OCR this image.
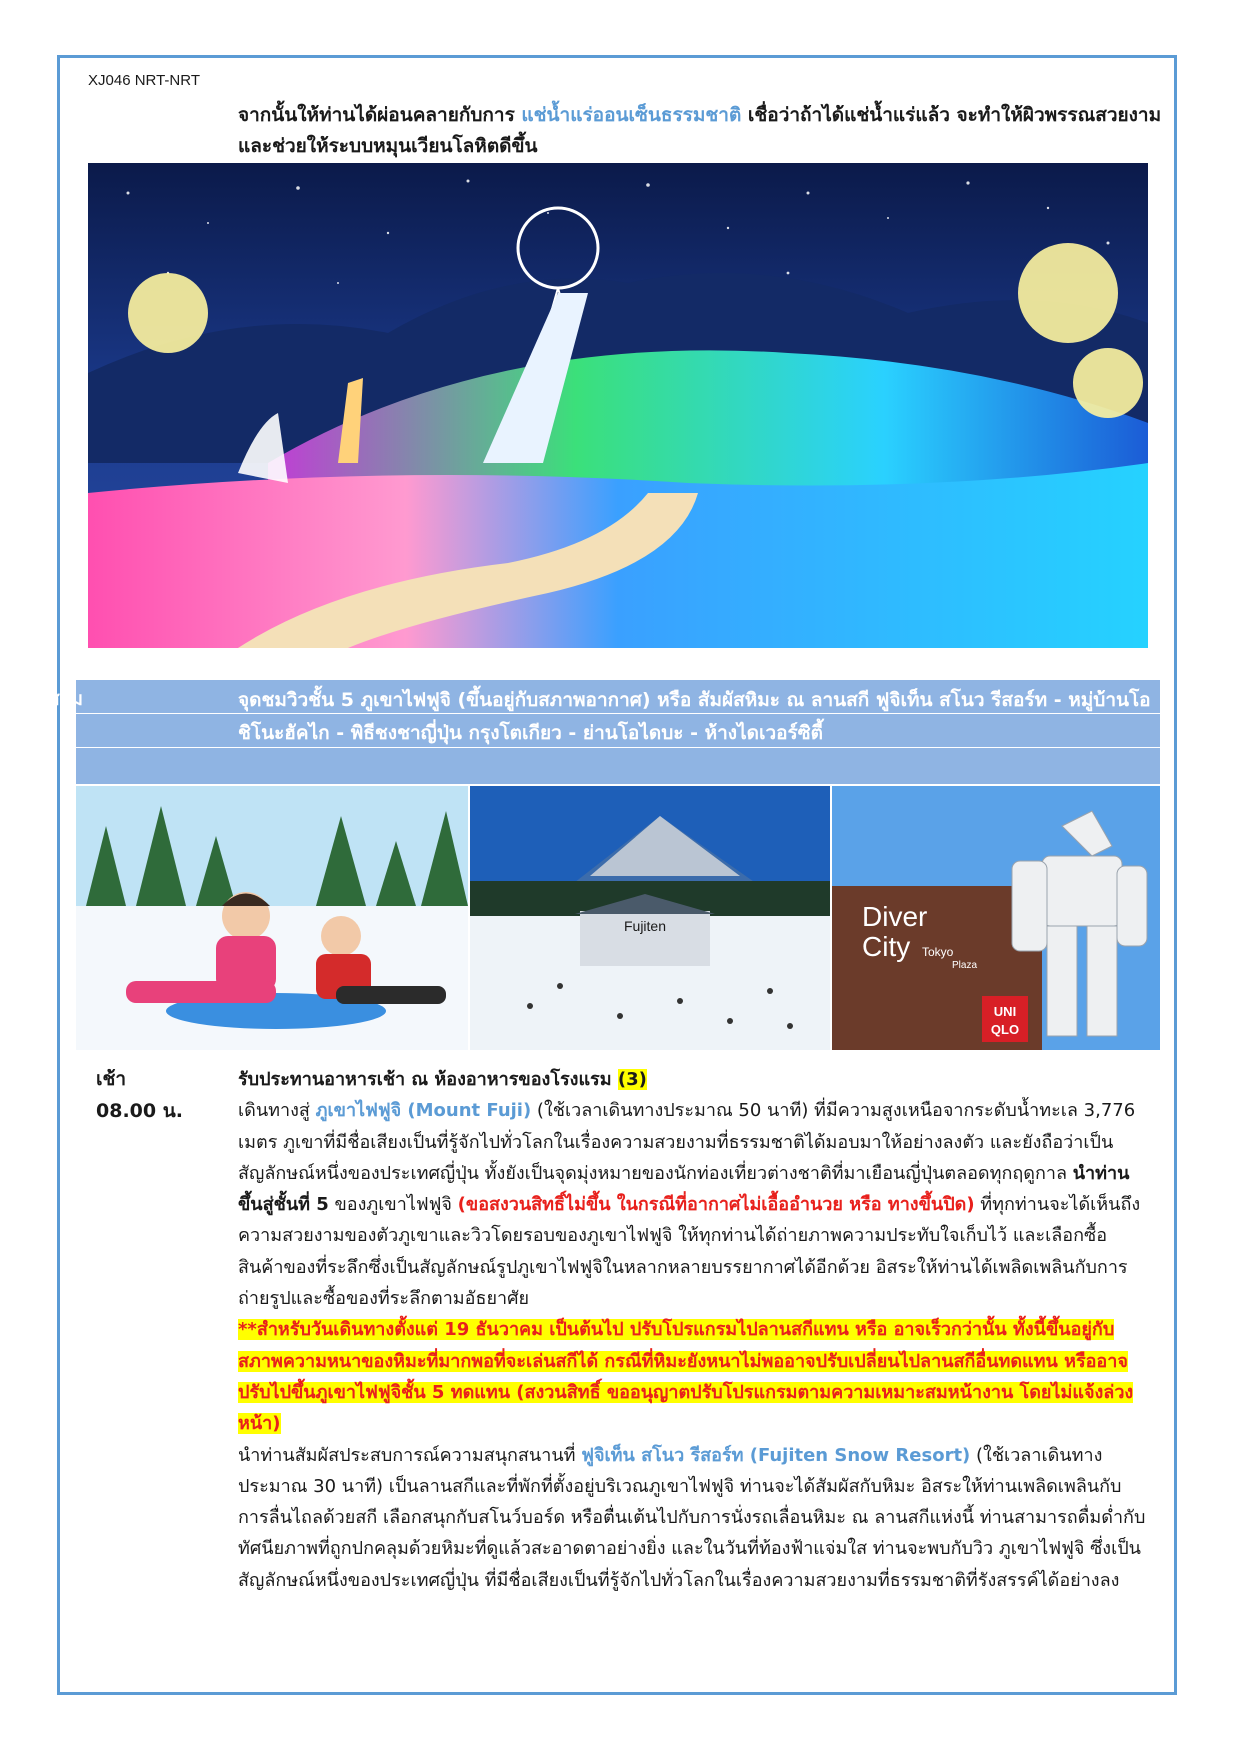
XJ046 NRT-NRT
จากนั้นให้ท่านได้ผ่อนคลายกับการ แช่น้ำแร่ออนเซ็นธรรมชาติ เชื่อว่าถ้าได้แช่น้ำแร่แล้ว จะทำให้ผิวพรรณสวยงามและช่วยให้ระบบหมุนเวียนโลหิตดีขึ้น
วันที่สาม	จุดชมวิวชั้น 5 ภูเขาไฟฟูจิ (ขึ้นอยู่กับสภาพอากาศ) หรือ สัมผัสหิมะ ณ ลานสกี ฟูจิเท็น สโนว รีสอร์ท - หมู่บ้านโอชิโนะฮัคไก - พิธีชงชาญี่ปุ่น กรุงโตเกียว - ย่านโอไดบะ - ห้างไดเวอร์ซิตี้
Fujiten	Diver
City Tokyo
Plaza
UNI
QLO
เช้า
08.00 น.

รับประทานอาหารเช้า ณ ห้องอาหารของโรงแรม (3)

เดินทางสู่ ภูเขาไฟฟูจิ (Mount Fuji) (ใช้เวลาเดินทางประมาณ 50 นาที) ที่มีความสูงเหนือจากระดับน้ำทะเล 3,776 เมตร ภูเขาที่มีชื่อเสียงเป็นที่รู้จักไปทั่วโลกในเรื่องความสวยงามที่ธรรมชาติได้มอบมาให้อย่างลงตัว และยังถือว่าเป็นสัญลักษณ์หนึ่งของประเทศญี่ปุ่น ทั้งยังเป็นจุดมุ่งหมายของนักท่องเที่ยวต่างชาติที่มาเยือนญี่ปุ่นตลอดทุกฤดูกาล นำท่านขึ้นสู่ชั้นที่ 5 ของภูเขาไฟฟูจิ (ขอสงวนสิทธิ์ไม่ขึ้น ในกรณีที่อากาศไม่เอื้ออำนวย หรือ ทางขึ้นปิด) ที่ทุกท่านจะได้เห็นถึงความสวยงามของตัวภูเขาและวิวโดยรอบของภูเขาไฟฟูจิ ให้ทุกท่านได้ถ่ายภาพความประทับใจเก็บไว้ และเลือกซื้อสินค้าของที่ระลึกซึ่งเป็นสัญลักษณ์รูปภูเขาไฟฟูจิในหลากหลายบรรยากาศได้อีกด้วย อิสระให้ท่านได้เพลิดเพลินกับการถ่ายรูปและซื้อของที่ระลึกตามอัธยาศัย

**สำหรับวันเดินทางตั้งแต่ 19 ธันวาคม เป็นต้นไป ปรับโปรแกรมไปลานสกีแทน หรือ อาจเร็วกว่านั้น ทั้งนี้ขึ้นอยู่กับสภาพความหนาของหิมะที่มากพอที่จะเล่นสกีได้ กรณีที่หิมะยังหนาไม่พออาจปรับเปลี่ยนไปลานสกีอื่นทดแทน หรืออาจปรับไปขึ้นภูเขาไฟฟูจิชั้น 5 ทดแทน (สงวนสิทธิ์ ขออนุญาตปรับโปรแกรมตามความเหมาะสมหน้างาน โดยไม่แจ้งล่วงหน้า)

นำท่านสัมผัสประสบการณ์ความสนุกสนานที่ ฟูจิเท็น สโนว รีสอร์ท (Fujiten Snow Resort) (ใช้เวลาเดินทางประมาณ 30 นาที) เป็นลานสกีและที่พักที่ตั้งอยู่บริเวณภูเขาไฟฟูจิ ท่านจะได้สัมผัสกับหิมะ อิสระให้ท่านเพลิดเพลินกับการลื่นไถลด้วยสกี เลือกสนุกกับสโนว์บอร์ด หรือตื่นเต้นไปกับการนั่งรถเลื่อนหิมะ ณ ลานสกีแห่งนี้ ท่านสามารถดื่มด่ำกับทัศนียภาพที่ถูกปกคลุมด้วยหิมะที่ดูแล้วสะอาดตาอย่างยิ่ง และในวันที่ท้องฟ้าแจ่มใส ท่านจะพบกับวิว ภูเขาไฟฟูจิ ซึ่งเป็นสัญลักษณ์หนึ่งของประเทศญี่ปุ่น ที่มีชื่อเสียงเป็นที่รู้จักไปทั่วโลกในเรื่องความสวยงามที่ธรรมชาติที่รังสรรค์ได้อย่างลง
